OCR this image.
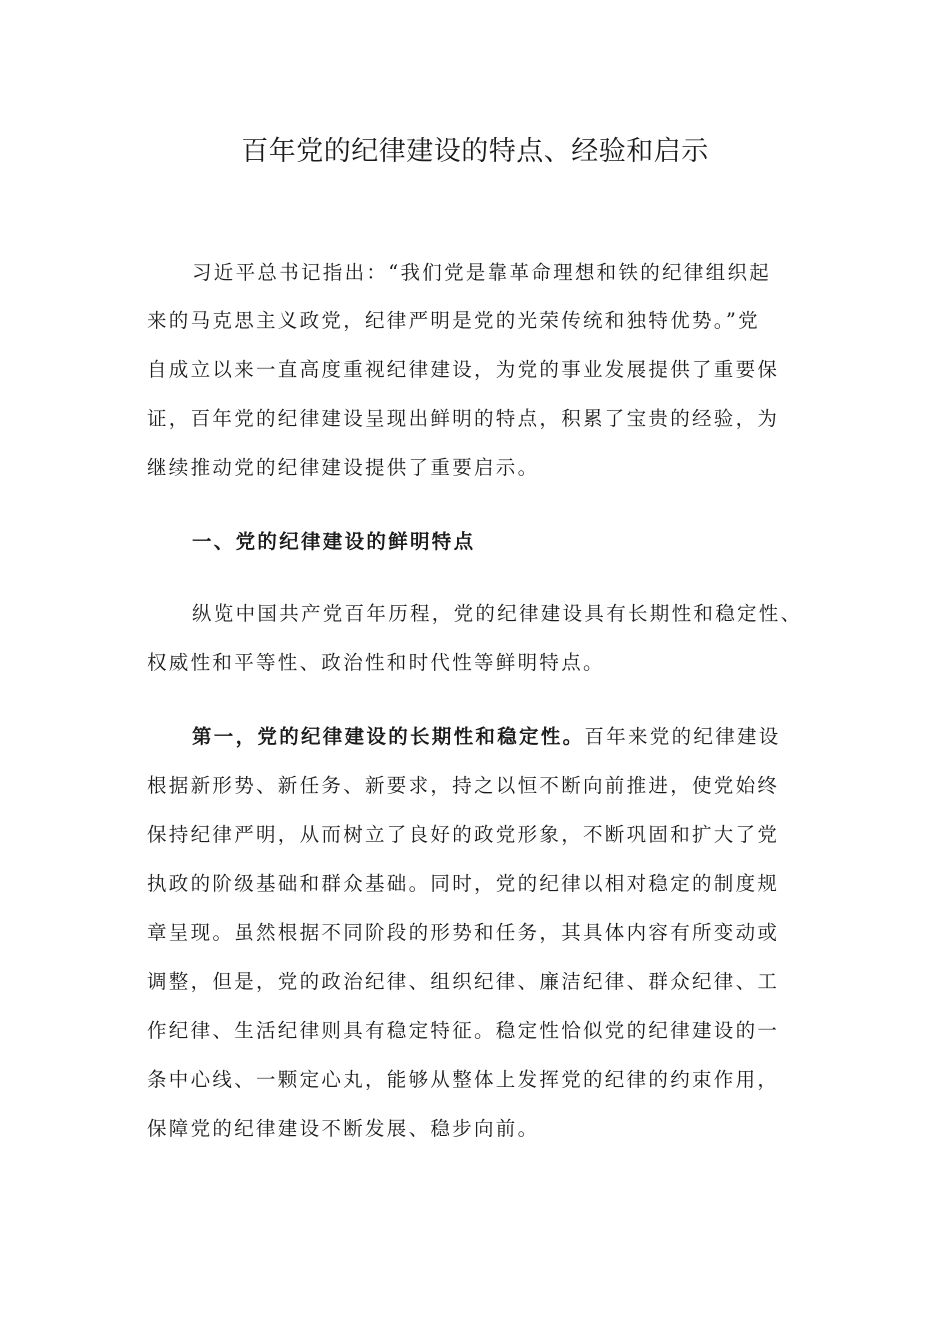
百年党的纪律建设的特点、经验和启示
习近平总书记指出：“我们党是靠革命理想和铁的纪律组织起
来的马克思主义政党，纪律严明是党的光荣传统和独特优势。”党
自成立以来一直高度重视纪律建设，为党的事业发展提供了重要保
证，百年党的纪律建设呈现出鲜明的特点，积累了宝贵的经验，为
继续推动党的纪律建设提供了重要启示。
一、党的纪律建设的鲜明特点
纵览中国共产党百年历程，党的纪律建设具有长期性和稳定性、
权威性和平等性、政治性和时代性等鲜明特点。
第一，党的纪律建设的长期性和稳定性。百年来党的纪律建设
根据新形势、新任务、新要求，持之以恒不断向前推进，使党始终
保持纪律严明，从而树立了良好的政党形象，不断巩固和扩大了党
执政的阶级基础和群众基础。同时，党的纪律以相对稳定的制度规
章呈现。虽然根据不同阶段的形势和任务，其具体内容有所变动或
调整，但是，党的政治纪律、组织纪律、廉洁纪律、群众纪律、工
作纪律、生活纪律则具有稳定特征。稳定性恰似党的纪律建设的一
条中心线、一颗定心丸，能够从整体上发挥党的纪律的约束作用，
保障党的纪律建设不断发展、稳步向前。
